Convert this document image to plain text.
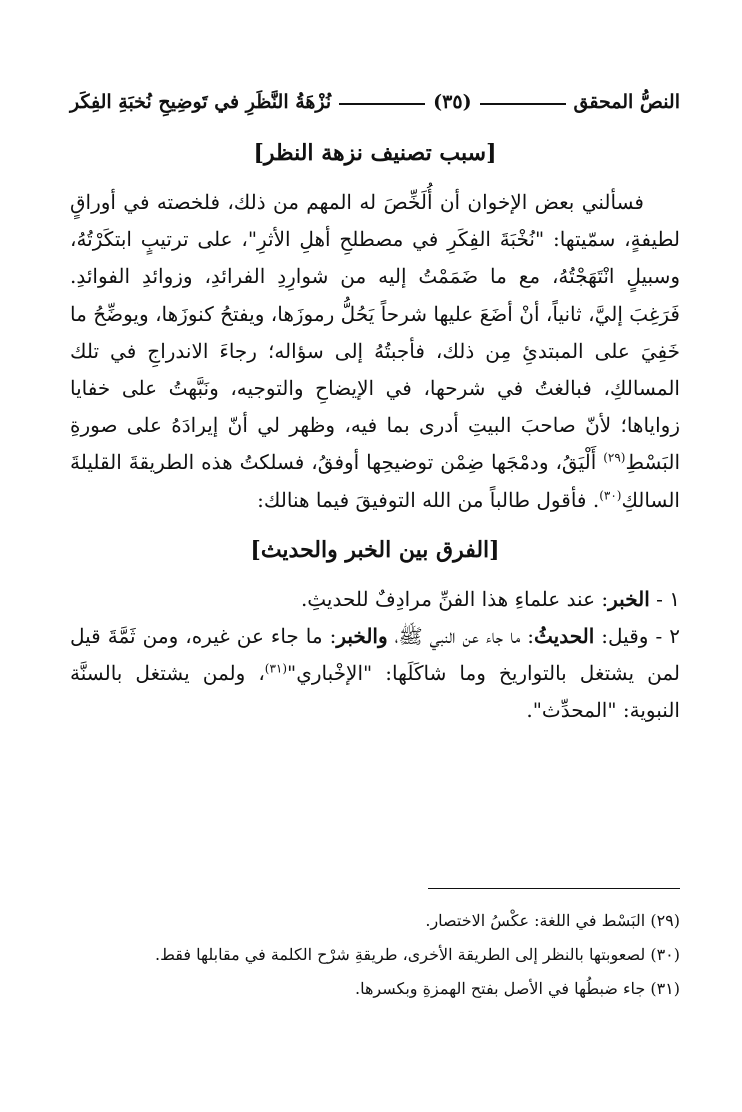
النصُّ المحقق
(٣٥)
نُزْهَةُ النَّظَرِ في تَوضِيحِ نُخبَةِ الفِكَر
[سبب تصنيف نزهة النظر]

فسألني بعض الإخوان أن أُلَخِّصَ له المهم من ذلك، فلخصته في أوراقٍ لطيفةٍ، سمّيتها: "نُخْبَةَ الفِكَرِ في مصطلحِ أهلِ الأثرِ"، على ترتيبٍ ابتكَرْتُهُ، وسبيلٍ انْتَهَجْتُهُ، مع ما ضَمَمْتُ إليه من شوارِدِ الفرائدِ، وزوائدِ الفوائدِ. فَرَغِبَ إليَّ، ثانياً، أنْ أضَعَ عليها شرحاً يَحُلُّ رموزَها، ويفتحُ كنوزَها، ويوضِّحُ ما خَفِيَ على المبتدئِ مِن ذلك، فأجبتُهُ إلى سؤاله؛ رجاءَ الاندراجِ في تلك المسالكِ، فبالغتُ في شرحها، في الإيضاحِ والتوجيه، ونَبَّهتُ على خفايا زواياها؛ لأنّ صاحبَ البيتِ أدرى بما فيه، وظهر لي أنّ إيرادَهُ على صورةِ البَسْطِ$^{(٢٩)}$ أَلْيَقُ، ودمْجَها ضِمْن توضيحِها أوفقُ، فسلكتُ هذه الطريقةَ القليلةَ السالكِ$^{(٣٠)}$. فأقول طالباً من الله التوفيقَ فيما هنالك:

[الفرق بين الخبر والحديث]
١ - الخبر: عند علماءِ هذا الفنِّ مرادِفٌ للحديثِ.
٢ - وقيل: الحديثُ: ما جاء عن النبي ﷺ، والخبر: ما جاء عن غيره، ومن ثَمَّةَ قيل لمن يشتغل بالتواريخ وما شاكَلَها: "الإخْباري"$^{(٣١)}$، ولمن يشتغل بالسنَّة النبوية: "المحدِّث".
(٢٩) البَسْط في اللغة: عكْسُ الاختصار.
(٣٠) لصعوبتها بالنظر إلى الطريقة الأخرى، طريقةِ شرْح الكلمة في مقابلها فقط.
(٣١) جاء ضبطُها في الأصل بفتح الهمزةِ وبكسرها.
